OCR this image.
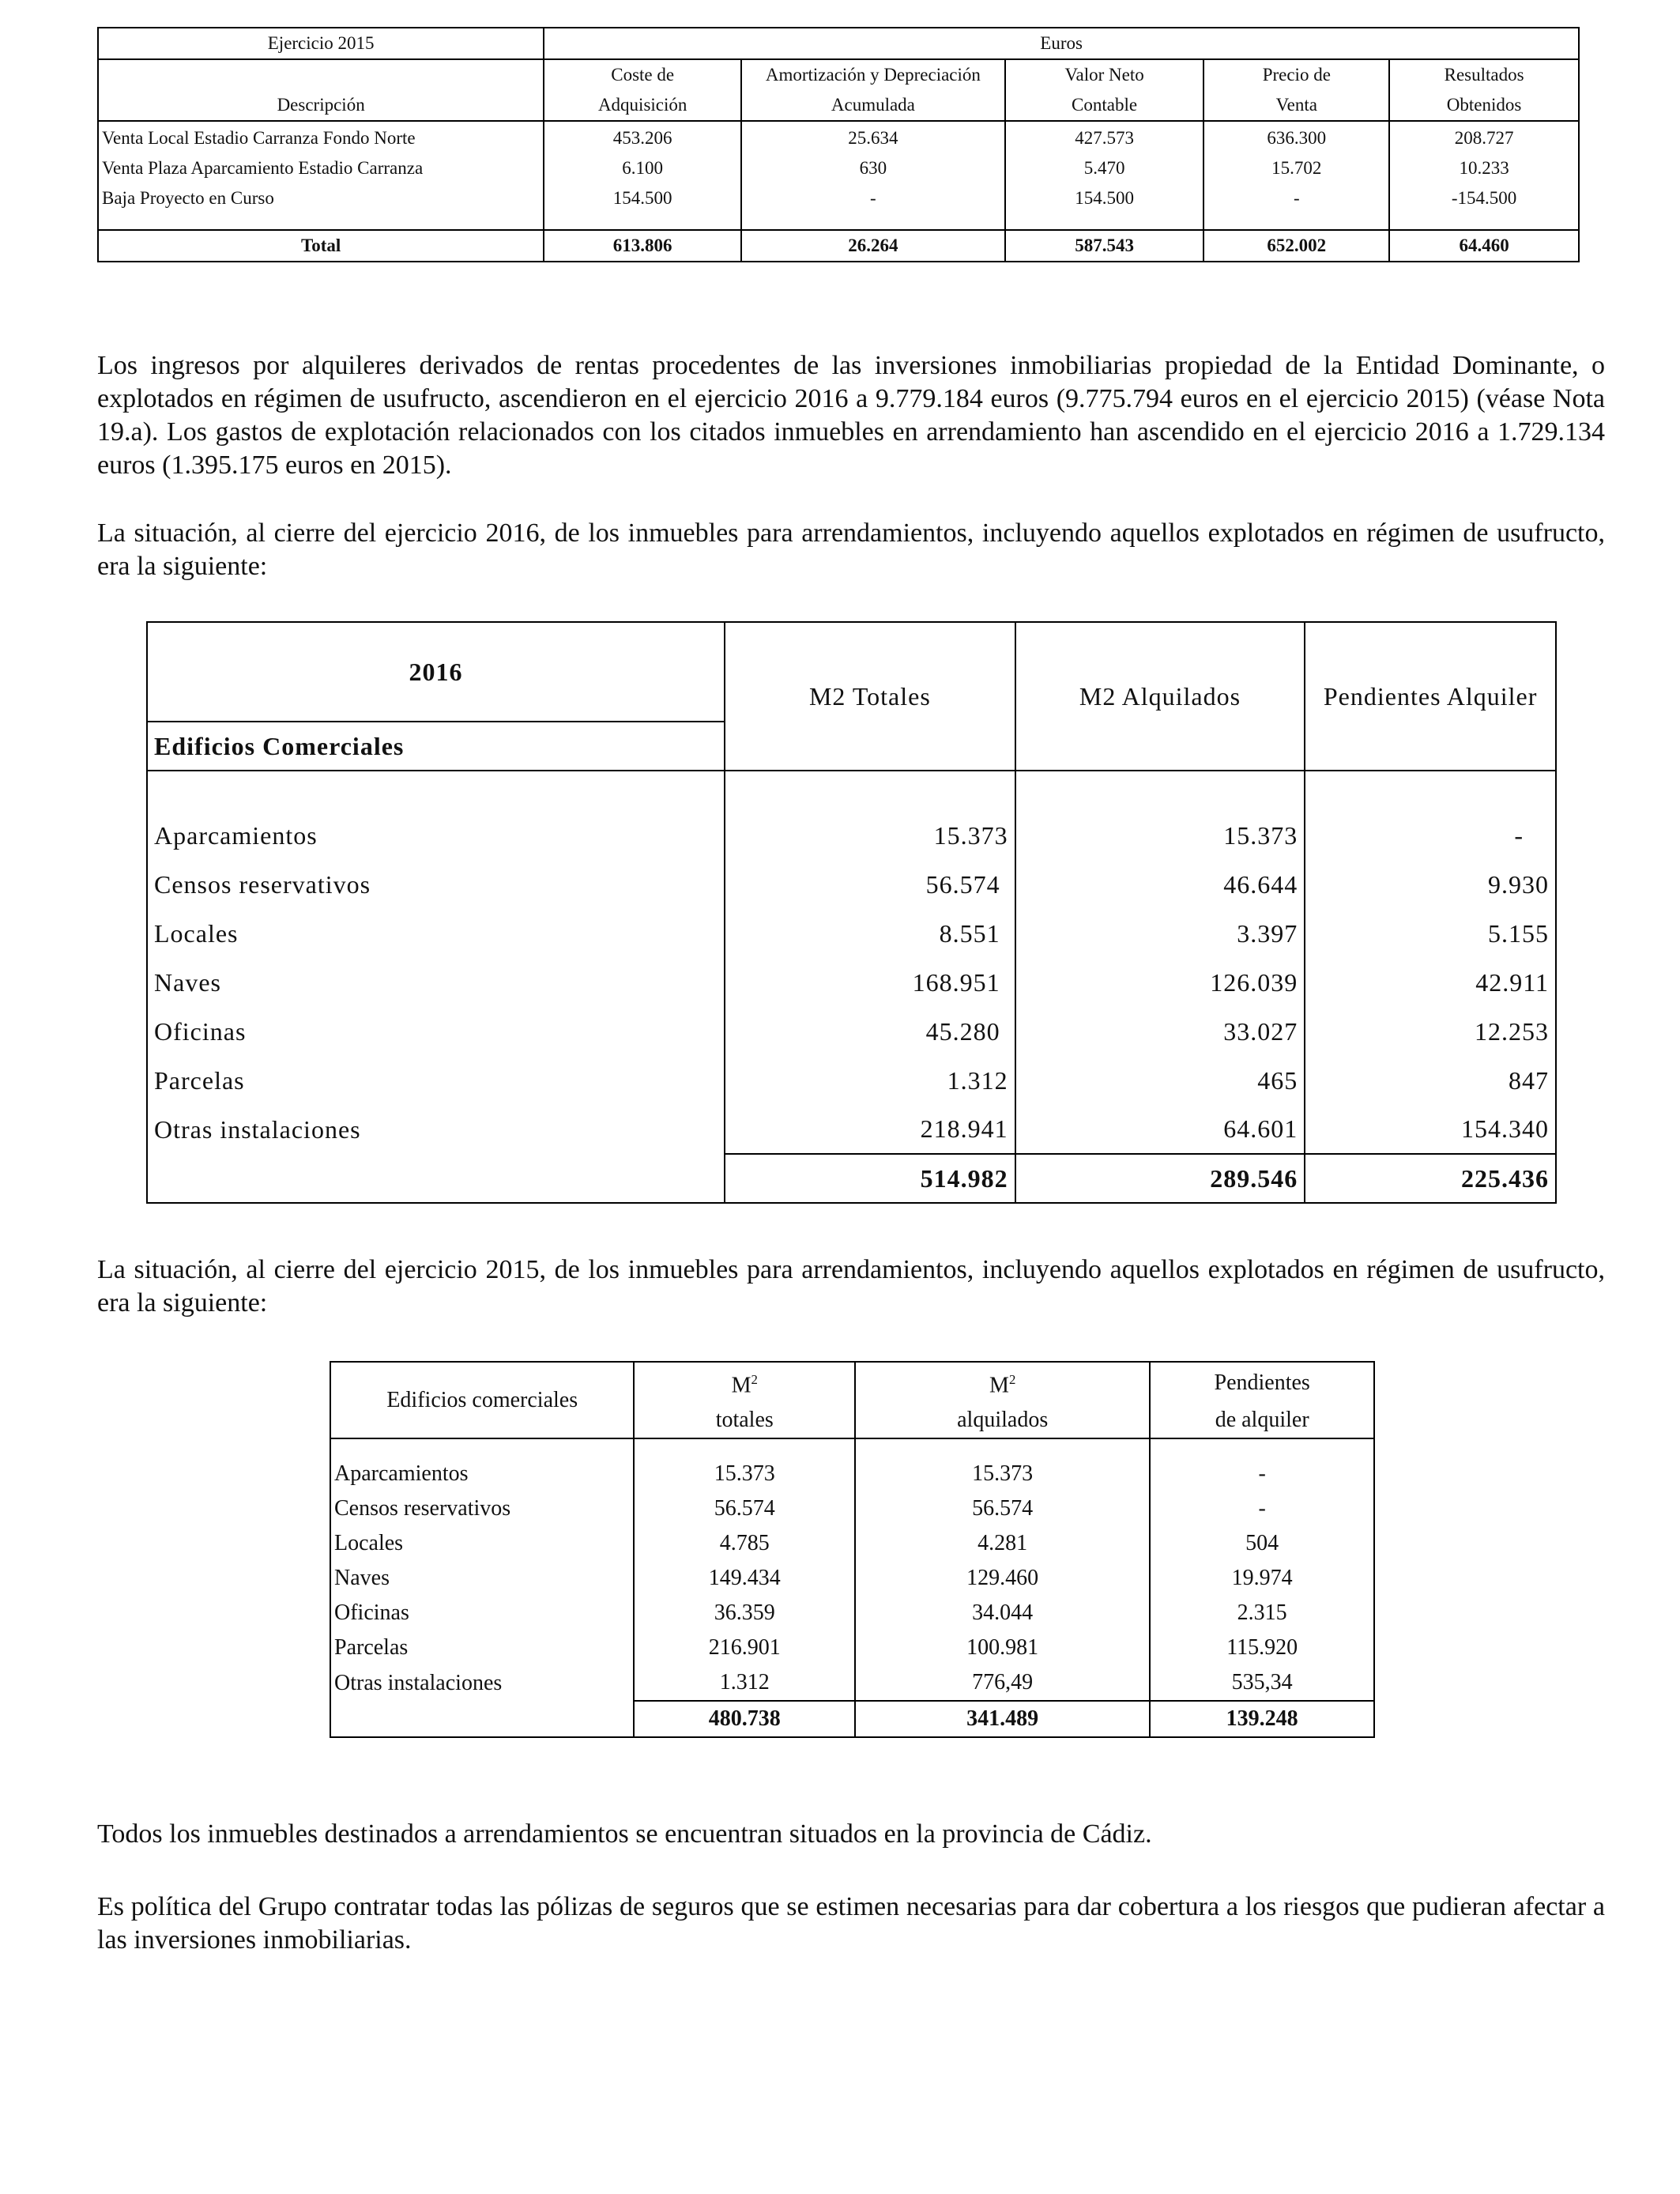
Ejercicio 2015	Euros				
	Coste de	Amortización y Depreciación	Valor Neto	Precio de	Resultados
Descripción	Adquisición	Acumulada	Contable	Venta	Obtenidos

Venta Local Estadio Carranza Fondo Norte	453.206	25.634	427.573	636.300	208.727
Venta Plaza Aparcamiento Estadio Carranza	6.100	630	5.470	15.702	10.233
Baja Proyecto en Curso	154.500	-	154.500	-	-154.500

Total	613.806	26.264	587.543	652.002	64.460

Los ingresos por alquileres derivados de rentas procedentes de las inversiones inmobiliarias propiedad de la Entidad Dominante, o explotados en régimen de usufructo, ascendieron en el ejercicio 2016 a 9.779.184 euros (9.775.794 euros en el ejercicio 2015) (véase Nota 19.a). Los gastos de explotación relacionados con los citados inmuebles en arrendamiento han ascendido en el ejercicio 2016 a 1.729.134 euros (1.395.175 euros en 2015).

La situación, al cierre del ejercicio 2016, de los inmuebles para arrendamientos, incluyendo aquellos explotados en régimen de usufructo, era la siguiente:

2016	M2 Totales	M2 Alquilados	Pendientes Alquiler
Edificios Comerciales			

Aparcamientos	15.373	15.373	-
Censos reservativos	56.574	46.644	9.930
Locales	8.551	3.397	5.155
Naves	168.951	126.039	42.911
Oficinas	45.280	33.027	12.253
Parcelas	1.312	465	847
Otras instalaciones	218.941	64.601	154.340
	514.982	289.546	225.436

La situación, al cierre del ejercicio 2015, de los inmuebles para arrendamientos, incluyendo aquellos explotados en régimen de usufructo, era la siguiente:

Edificios comerciales	$M^2$	$M^2$	Pendientes
	totales	alquilados	de alquiler

Aparcamientos	15.373	15.373	-
Censos reservativos	56.574	56.574	-
Locales	4.785	4.281	504
Naves	149.434	129.460	19.974
Oficinas	36.359	34.044	2.315
Parcelas	216.901	100.981	115.920
Otras instalaciones	1.312	776,49	535,34
	480.738	341.489	139.248

Todos los inmuebles destinados a arrendamientos se encuentran situados en la provincia de Cádiz.

Es política del Grupo contratar todas las pólizas de seguros que se estimen necesarias para dar cobertura a los riesgos que pudieran afectar a las inversiones inmobiliarias.
